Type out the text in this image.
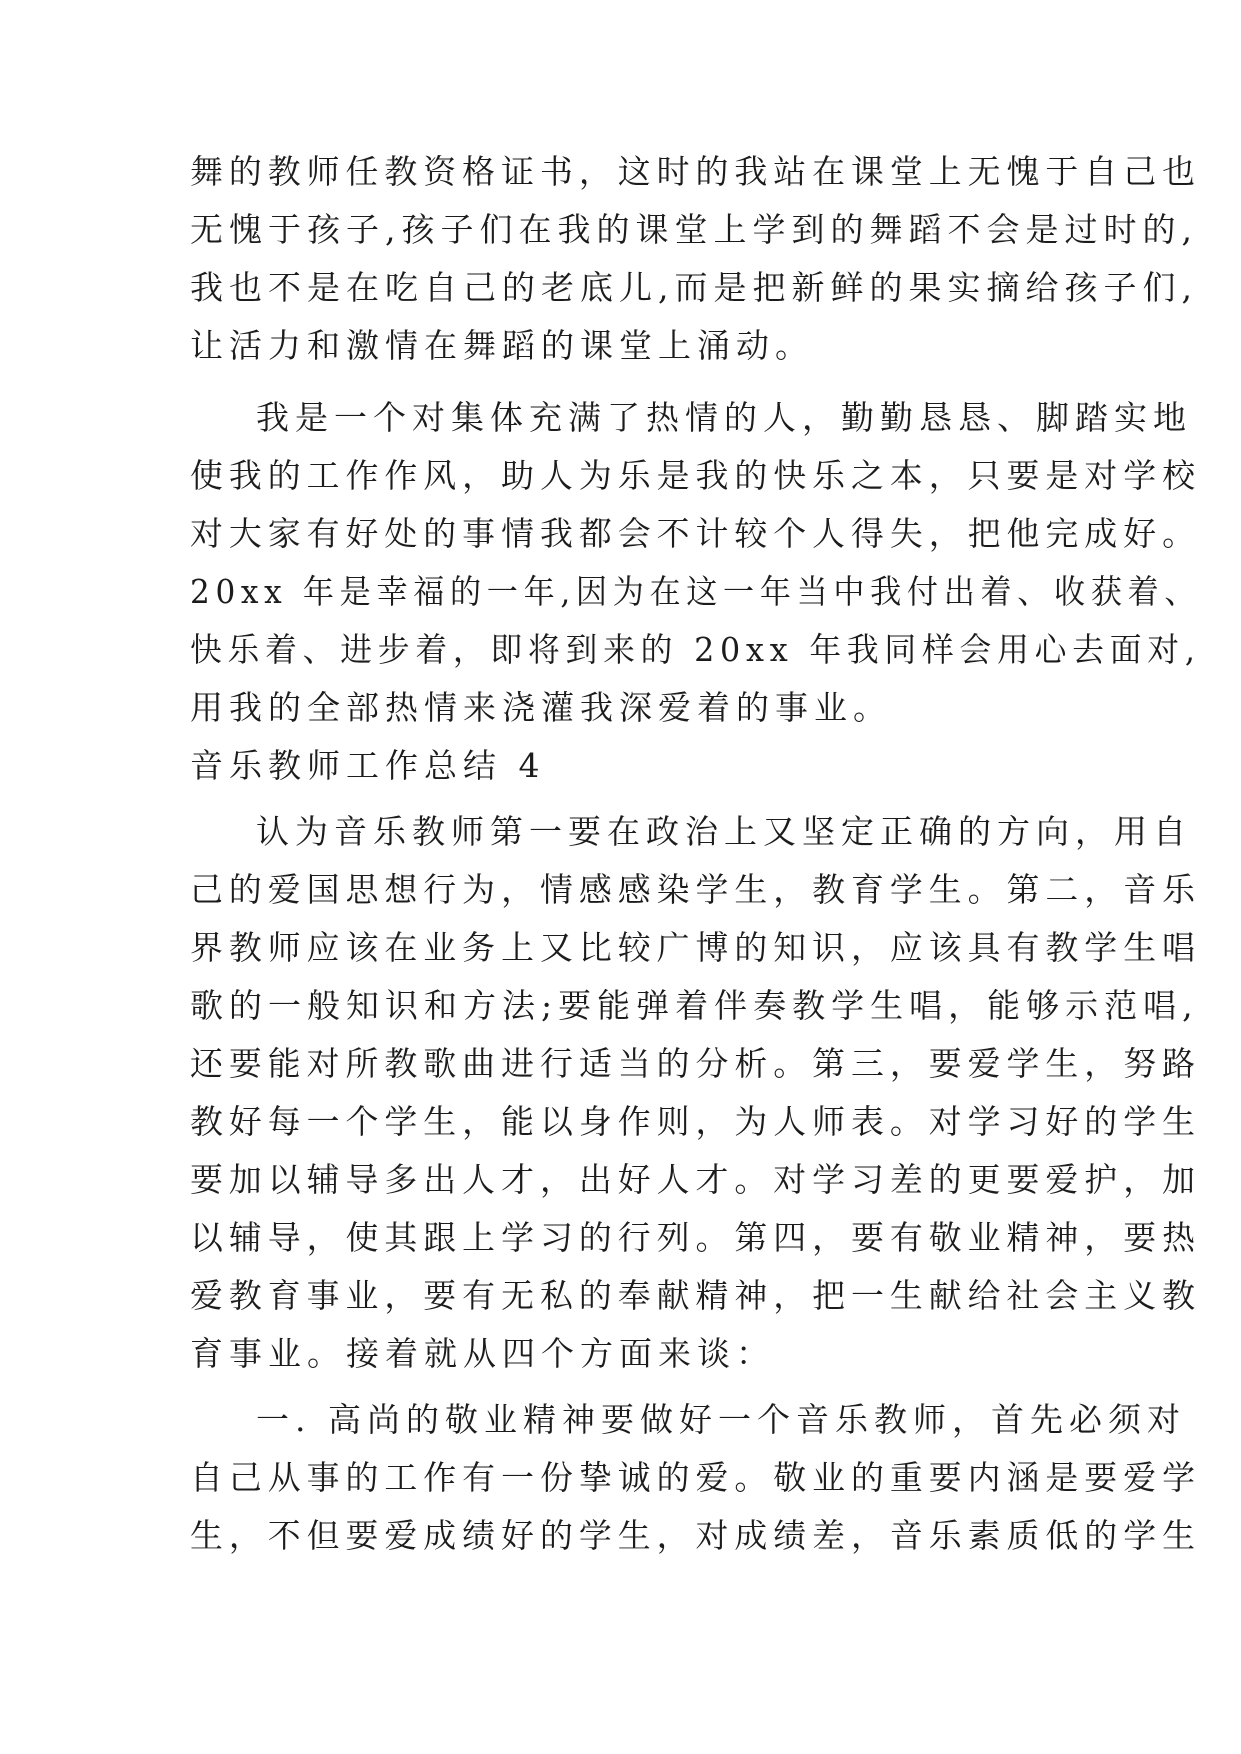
舞的教师任教资格证书，这时的我站在课堂上无愧于自己也
无愧于孩子,孩子们在我的课堂上学到的舞蹈不会是过时的,
我也不是在吃自己的老底儿,而是把新鲜的果实摘给孩子们,
让活力和激情在舞蹈的课堂上涌动。
我是一个对集体充满了热情的人，勤勤恳恳、脚踏实地
使我的工作作风，助人为乐是我的快乐之本，只要是对学校
对大家有好处的事情我都会不计较个人得失，把他完成好。
20xx 年是幸福的一年,因为在这一年当中我付出着、收获着、
快乐着、进步着，即将到来的 20xx 年我同样会用心去面对,
用我的全部热情来浇灌我深爱着的事业。
音乐教师工作总结 4
认为音乐教师第一要在政治上又坚定正确的方向，用自
己的爱国思想行为，情感感染学生，教育学生。第二，音乐
界教师应该在业务上又比较广博的知识，应该具有教学生唱
歌的一般知识和方法;要能弹着伴奏教学生唱，能够示范唱,
还要能对所教歌曲进行适当的分析。第三，要爱学生，努路
教好每一个学生，能以身作则，为人师表。对学习好的学生
要加以辅导多出人才，出好人才。对学习差的更要爱护，加
以辅导，使其跟上学习的行列。第四，要有敬业精神，要热
爱教育事业，要有无私的奉献精神，把一生献给社会主义教
育事业。接着就从四个方面来谈：
一. 高尚的敬业精神要做好一个音乐教师，首先必须对
自己从事的工作有一份挚诚的爱。敬业的重要内涵是要爱学
生，不但要爱成绩好的学生，对成绩差，音乐素质低的学生
